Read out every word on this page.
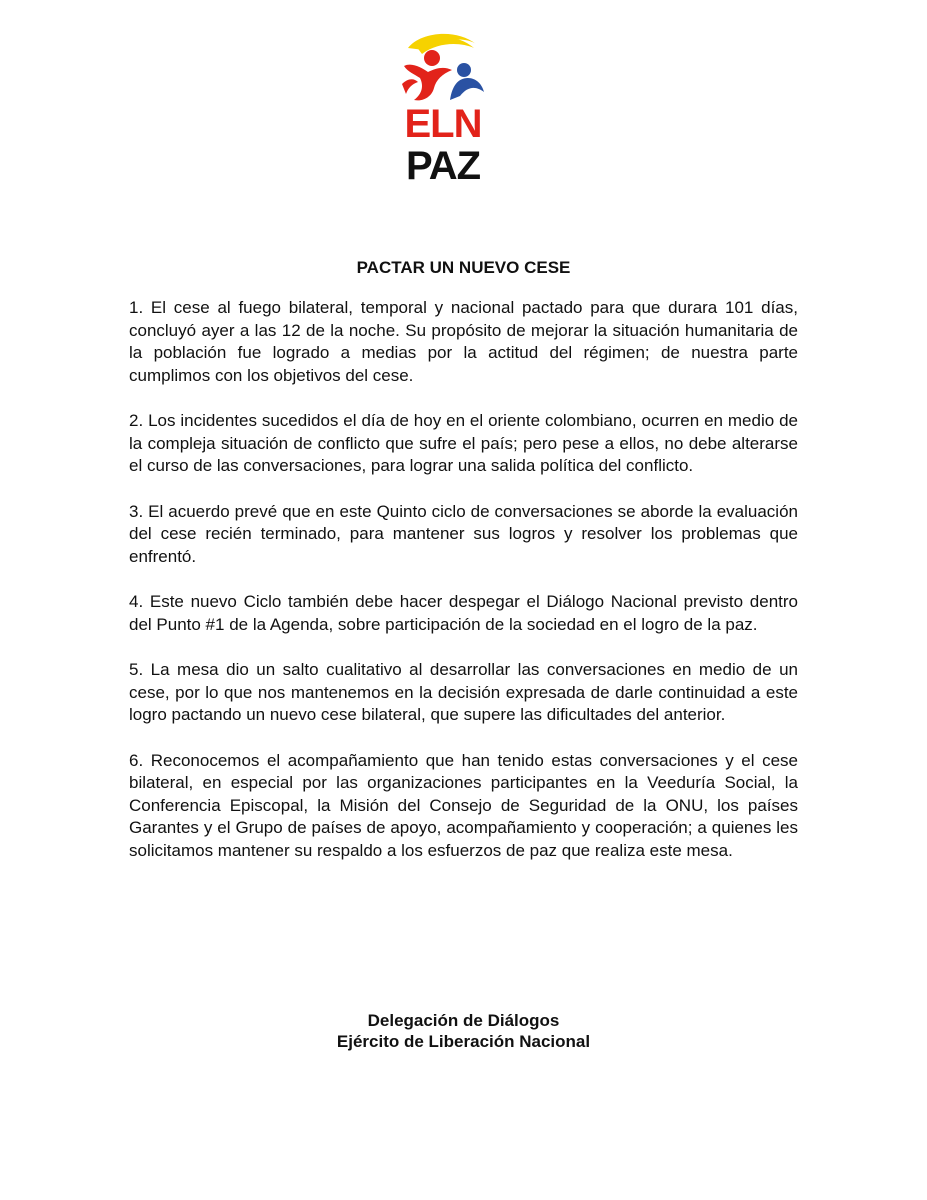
ELN
PAZ
PACTAR UN NUEVO CESE

1. El cese al fuego bilateral, temporal y nacional pactado para que durara 101 días, concluyó ayer a las 12 de la noche. Su propósito de mejorar la situación humanitaria de la población fue logrado a medias por la actitud del régimen; de nuestra parte cumplimos con los objetivos del cese.

2. Los incidentes sucedidos el día de hoy en el oriente colombiano, ocurren en medio de la compleja situación de conflicto que sufre el país; pero pese a ellos, no debe alterarse el curso de las conversaciones, para lograr una salida política del conflicto.

3. El acuerdo prevé que en este Quinto ciclo de conversaciones se aborde la evaluación del cese recién terminado, para mantener sus logros y resolver los problemas que enfrentó.

4. Este nuevo Ciclo también debe hacer despegar el Diálogo Nacional previsto dentro del Punto #1 de la Agenda, sobre participación de la sociedad en el logro de la paz.

5. La mesa dio un salto cualitativo al desarrollar las conversaciones en medio de un cese, por lo que nos mantenemos en la decisión expresada de darle continuidad a este logro pactando un nuevo cese bilateral, que supere las dificultades del anterior.

6. Reconocemos el acompañamiento que han tenido estas conversaciones y el cese bilateral, en especial por las organizaciones participantes en la Veeduría Social, la Conferencia Episcopal, la Misión del Consejo de Seguridad de la ONU, los países Garantes y el Grupo de países de apoyo, acompañamiento y cooperación; a quienes les solicitamos mantener su respaldo a los esfuerzos de paz que realiza este mesa.

Delegación de Diálogos
Ejército de Liberación Nacional
